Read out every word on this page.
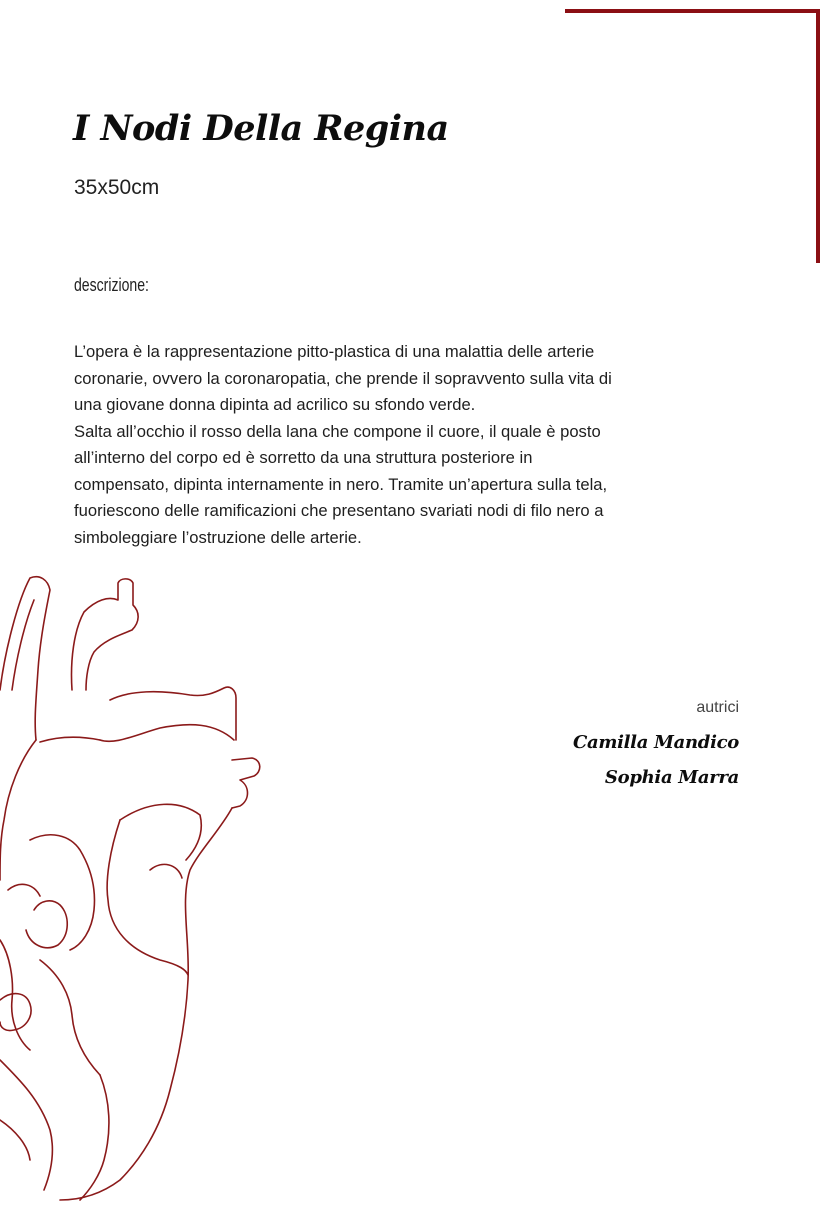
I Nodi Della Regina
35x50cm
descrizione:

L’opera è la rappresentazione pitto-plastica di una malattia delle arterie

coronarie, ovvero la coronaropatia, che prende il sopravvento sulla vita di

una giovane donna dipinta ad acrilico su sfondo verde.

Salta all’occhio il rosso della lana che compone il cuore, il quale è posto

all’interno del corpo ed è sorretto da una struttura posteriore in

compensato, dipinta internamente in nero. Tramite un’apertura sulla tela,

fuoriescono delle ramificazioni che presentano svariati nodi di filo nero a

simboleggiare l’ostruzione delle arterie.

autrici
Camilla Mandico
Sophia Marra
